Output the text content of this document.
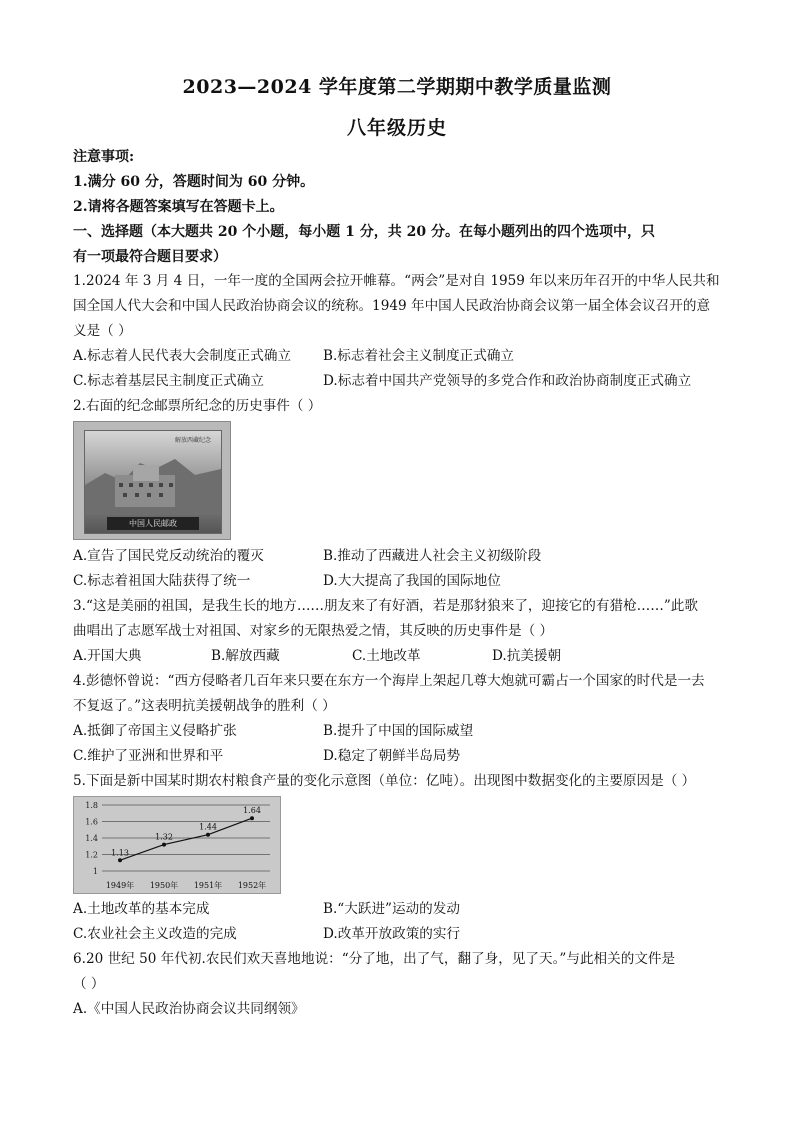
2023—2024 学年度第二学期期中教学质量监测
八年级历史
注意事项:
1.满分 60 分，答题时间为 60 分钟。
2.请将各题答案填写在答题卡上。
一、选择题（本大题共 20 个小题，每小题 1 分，共 20 分。在每小题列出的四个选项中，只
有一项最符合题目要求）
1.2024 年 3 月 4 日，一年一度的全国两会拉开帷幕。“两会”是对自 1959 年以来历年召开的中华人民共和
国全国人代大会和中国人民政治协商会议的统称。1949 年中国人民政治协商会议第一届全体会议召开的意
义是（ ）
A.标志着人民代表大会制度正式确立 B.标志着社会主义制度正式确立
C.标志着基层民主制度正式确立	D.标志着中国共产党领导的多党合作和政治协商制度正式确立
2.右面的纪念邮票所纪念的历史事件（ ）
解放西藏纪念
中国人民邮政
A.宣告了国民党反动统治的覆灭	B.推动了西藏进人社会主义初级阶段
C.标志着祖国大陆获得了统一	D.大大提高了我国的国际地位
3.“这是美丽的祖国，是我生长的地方……朋友来了有好酒，若是那豺狼来了，迎接它的有猎枪……”此歌
曲唱出了志愿军战士对祖国、对家乡的无限热爱之情，其反映的历史事件是（ ）
A.开国大典	B.解放西藏	C.土地改革	D.抗美援朝
4.彭德怀曾说：“西方侵略者几百年来只要在东方一个海岸上架起几尊大炮就可霸占一个国家的时代是一去
不复返了。”这表明抗美援朝战争的胜利（ ）
A.抵御了帝国主义侵略扩张	B.提升了中国的国际威望
C.维护了亚洲和世界和平	D.稳定了朝鲜半岛局势
5.下面是新中国某时期农村粮食产量的变化示意图（单位：亿吨）。出现图中数据变化的主要原因是（ ）
1
1.2
1.4
1.6
1.8
1.13
1949年
1.32
1950年
1.44
1951年
1.64
1952年
A.土地改革的基本完成	B.“大跃进”运动的发动
C.农业社会主义改造的完成	D.改革开放政策的实行
6.20 世纪 50 年代初.农民们欢天喜地地说：“分了地，出了气，翻了身，见了天。”与此相关的文件是
（ ）
A.《中国人民政治协商会议共同纲领》
